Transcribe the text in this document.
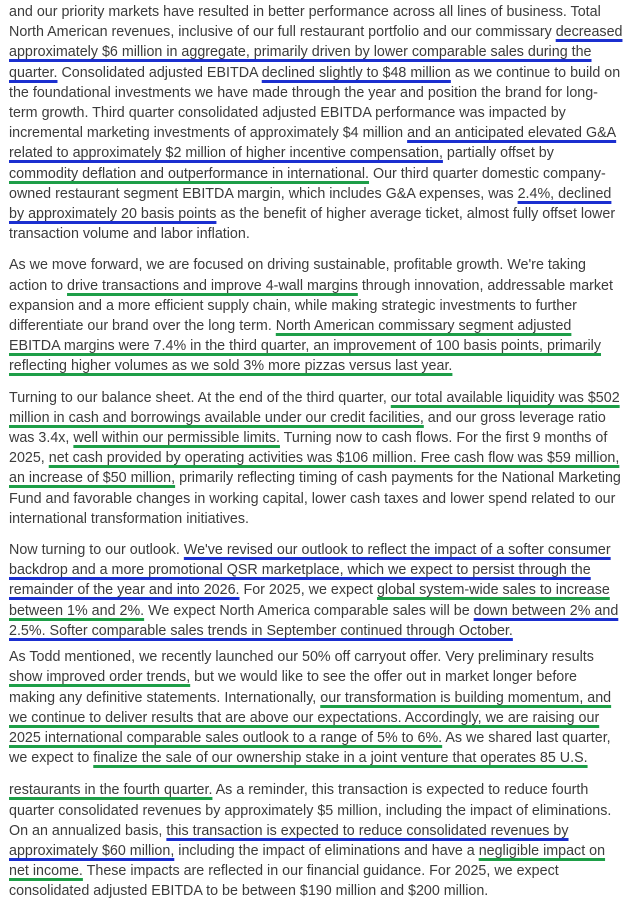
and our priority markets have resulted in better performance across all lines of business. Total North American revenues, inclusive of our full restaurant portfolio and our commissary decreased approximately $6 million in aggregate, primarily driven by lower comparable sales during the quarter. Consolidated adjusted EBITDA declined slightly to $48 million as we continue to build on the foundational investments we have made through the year and position the brand for long-term growth. Third quarter consolidated adjusted EBITDA performance was impacted by incremental marketing investments of approximately $4 million and an anticipated elevated G&A related to approximately $2 million of higher incentive compensation, partially offset by commodity deflation and outperformance in international. Our third quarter domestic company-owned restaurant segment EBITDA margin, which includes G&A expenses, was 2.4%, declined by approximately 20 basis points as the benefit of higher average ticket, almost fully offset lower transaction volume and labor inflation.

As we move forward, we are focused on driving sustainable, profitable growth. We're taking action to drive transactions and improve 4-wall margins through innovation, addressable market expansion and a more efficient supply chain, while making strategic investments to further differentiate our brand over the long term. North American commissary segment adjusted EBITDA margins were 7.4% in the third quarter, an improvement of 100 basis points, primarily reflecting higher volumes as we sold 3% more pizzas versus last year.

Turning to our balance sheet. At the end of the third quarter, our total available liquidity was $502 million in cash and borrowings available under our credit facilities, and our gross leverage ratio was 3.4x, well within our permissible limits. Turning now to cash flows. For the first 9 months of 2025, net cash provided by operating activities was $106 million. Free cash flow was $59 million, an increase of $50 million, primarily reflecting timing of cash payments for the National Marketing Fund and favorable changes in working capital, lower cash taxes and lower spend related to our international transformation initiatives.

Now turning to our outlook. We've revised our outlook to reflect the impact of a softer consumer backdrop and a more promotional QSR marketplace, which we expect to persist through the remainder of the year and into 2026. For 2025, we expect global system-wide sales to increase between 1% and 2%. We expect North America comparable sales will be down between 2% and 2.5%. Softer comparable sales trends in September continued through October.

As Todd mentioned, we recently launched our 50% off carryout offer. Very preliminary results show improved order trends, but we would like to see the offer out in market longer before making any definitive statements. Internationally, our transformation is building momentum, and we continue to deliver results that are above our expectations. Accordingly, we are raising our 2025 international comparable sales outlook to a range of 5% to 6%. As we shared last quarter, we expect to finalize the sale of our ownership stake in a joint venture that operates 85 U.S.

restaurants in the fourth quarter. As a reminder, this transaction is expected to reduce fourth quarter consolidated revenues by approximately $5 million, including the impact of eliminations. On an annualized basis, this transaction is expected to reduce consolidated revenues by approximately $60 million, including the impact of eliminations and have a negligible impact on net income. These impacts are reflected in our financial guidance. For 2025, we expect consolidated adjusted EBITDA to be between $190 million and $200 million.
